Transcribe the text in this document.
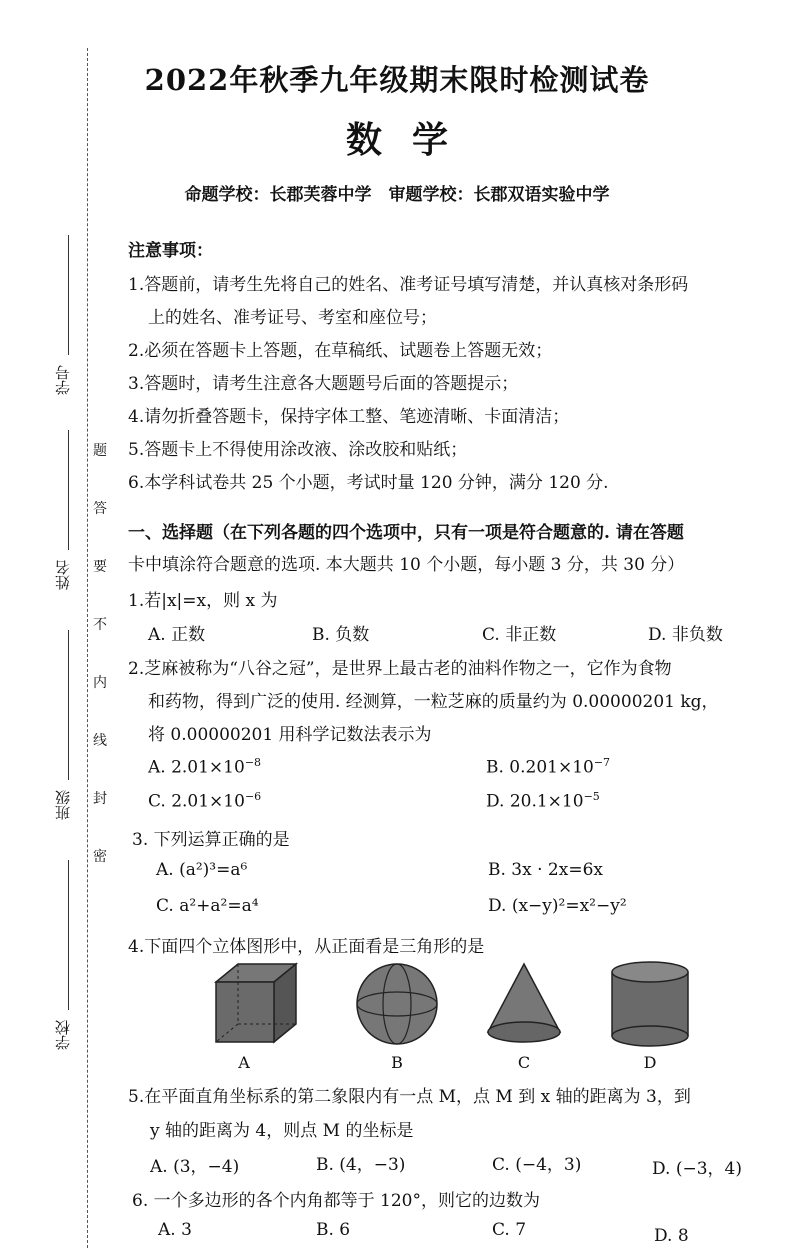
学号
姓名
班级
学校
题
答
要
不
内
线
封
密
2022年秋季九年级期末限时检测试卷
数学
命题学校：长郡芙蓉中学　审题学校：长郡双语实验中学
注意事项：
1.答题前，请考生先将自己的姓名、准考证号填写清楚，并认真核对条形码
上的姓名、准考证号、考室和座位号；
2.必须在答题卡上答题，在草稿纸、试题卷上答题无效；
3.答题时，请考生注意各大题题号后面的答题提示；
4.请勿折叠答题卡，保持字体工整、笔迹清晰、卡面清洁；
5.答题卡上不得使用涂改液、涂改胶和贴纸；
6.本学科试卷共 25 个小题，考试时量 120 分钟，满分 120 分.
一、选择题（在下列各题的四个选项中，只有一项是符合题意的. 请在答题
卡中填涂符合题意的选项. 本大题共 10 个小题，每小题 3 分，共 30 分）
1.若|x|=x，则 x 为
A. 正数	B. 负数	C. 非正数	D. 非负数
2.芝麻被称为“八谷之冠”，是世界上最古老的油料作物之一，它作为食物
和药物，得到广泛的使用. 经测算，一粒芝麻的质量约为 0.00000201 kg，
将 0.00000201 用科学记数法表示为
A. $2.01\times 10^{-8}$	B. $0.201\times 10^{-7}$
C. $2.01\times 10^{-6}$	D. $20.1\times 10^{-5}$
3. 下列运算正确的是
A. (a²)³=a⁶	B. 3x · 2x=6x
C. a²+a²=a⁴	D. (x−y)²=x²−y²
4.下面四个立体图形中，从正面看是三角形的是
A	B	C	D
5.在平面直角坐标系的第二象限内有一点 M，点 M 到 x 轴的距离为 3，到
y 轴的距离为 4，则点 M 的坐标是
A. (3，−4)	B. (4，−3)	C. (−4，3)	D. (−3，4)
6. 一个多边形的各个内角都等于 120°，则它的边数为
A. 3	B. 6	C. 7	D. 8
